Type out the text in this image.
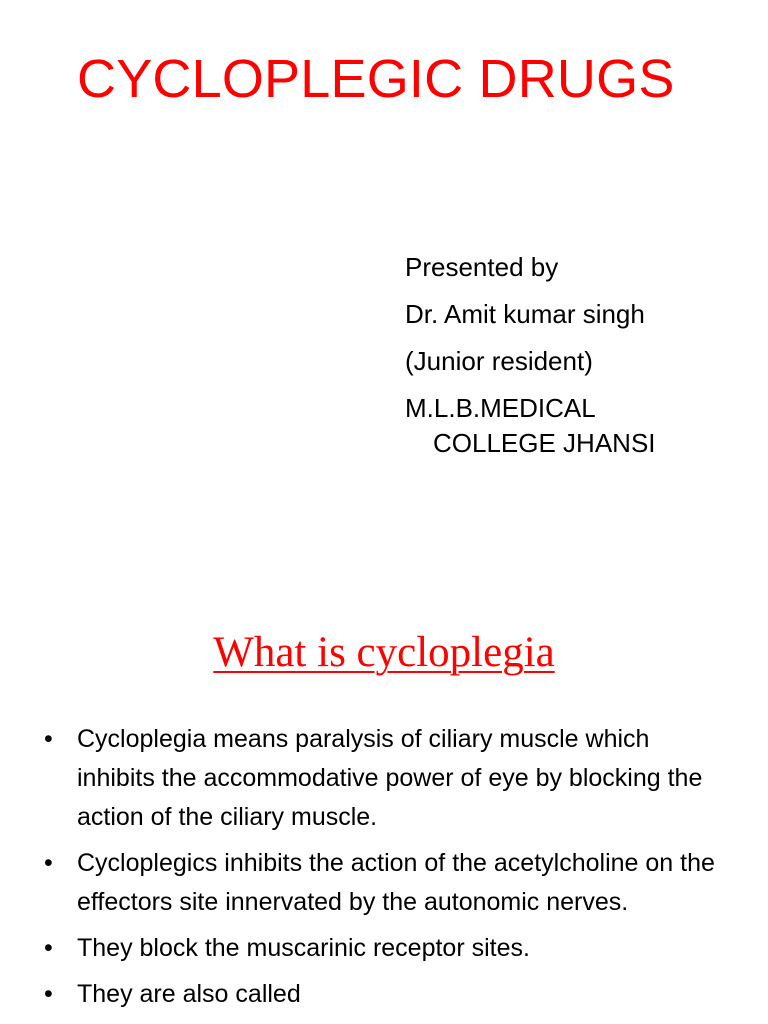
CYCLOPLEGIC DRUGS
Presented by
Dr. Amit kumar singh
(Junior resident)
M.L.B.MEDICAL
COLLEGE JHANSI
What is cycloplegia
• Cycloplegia means paralysis of ciliary muscle which inhibits the accommodative power of eye by blocking the action of the ciliary muscle.
• Cycloplegics inhibits the action of the acetylcholine on the effectors site innervated by the autonomic nerves.
• They block the muscarinic receptor sites.
• They are also called
